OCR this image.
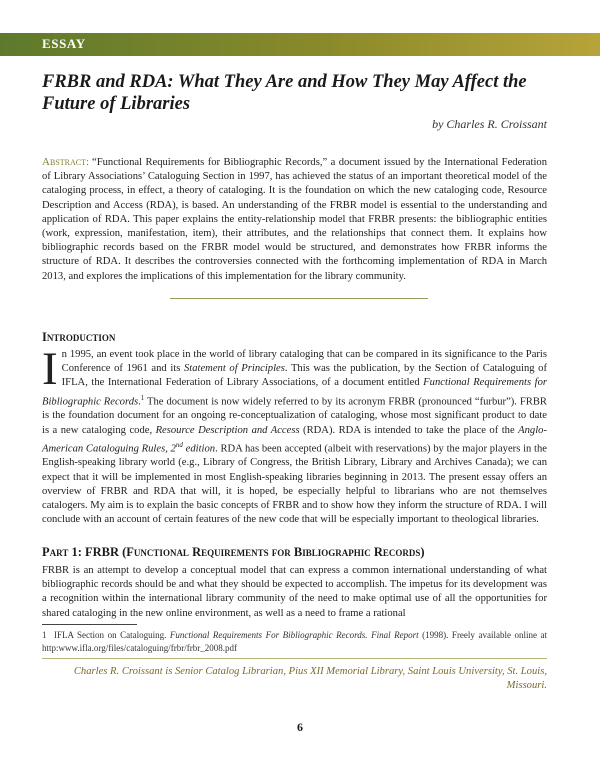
ESSAY
FRBR and RDA: What They Are and How They May Affect the Future of Libraries
by Charles R. Croissant
Abstract: “Functional Requirements for Bibliographic Records,” a document issued by the International Federation of Library Associations’ Cataloguing Section in 1997, has achieved the status of an important theoretical model of the cataloging process, in effect, a theory of cataloging. It is the foundation on which the new cataloging code, Resource Description and Access (RDA), is based. An understanding of the FRBR model is essential to the understanding and application of RDA. This paper explains the entity-relationship model that FRBR presents: the bibliographic entities (work, expression, manifestation, item), their attributes, and the relationships that connect them. It explains how bibliographic records based on the FRBR model would be structured, and demonstrates how FRBR informs the structure of RDA. It describes the controversies connected with the forthcoming implementation of RDA in March 2013, and explores the implications of this implementation for the library community.
Introduction
In 1995, an event took place in the world of library cataloging that can be compared in its significance to the Paris Conference of 1961 and its Statement of Principles. This was the publication, by the Section of Cataloguing of IFLA, the International Federation of Library Associations, of a document entitled Functional Requirements for Bibliographic Records.$^1$ The document is now widely referred to by its acronym FRBR (pronounced “furbur”). FRBR is the foundation document for an ongoing re-conceptualization of cataloging, whose most significant product to date is a new cataloging code, Resource Description and Access (RDA). RDA is intended to take the place of the Anglo-American Cataloguing Rules, 2nd edition. RDA has been accepted (albeit with reservations) by the major players in the English-speaking library world (e.g., Library of Congress, the British Library, Library and Archives Canada); we can expect that it will be implemented in most English-speaking libraries beginning in 2013. The present essay offers an overview of FRBR and RDA that will, it is hoped, be especially helpful to librarians who are not themselves catalogers. My aim is to explain the basic concepts of FRBR and to show how they inform the structure of RDA. I will conclude with an account of certain features of the new code that will be especially important to theological libraries.
Part 1: FRBR (Functional Requirements for Bibliographic Records)
FRBR is an attempt to develop a conceptual model that can express a common international understanding of what bibliographic records should be and what they should be expected to accomplish. The impetus for its development was a recognition within the international library community of the need to make optimal use of all the opportunities for shared cataloging in the new online environment, as well as a need to frame a rational
1 IFLA Section on Cataloguing. Functional Requirements For Bibliographic Records. Final Report (1998). Freely available online at http:www.ifla.org/files/cataloguing/frbr/frbr_2008.pdf
Charles R. Croissant is Senior Catalog Librarian, Pius XII Memorial Library, Saint Louis University, St. Louis, Missouri.
6
